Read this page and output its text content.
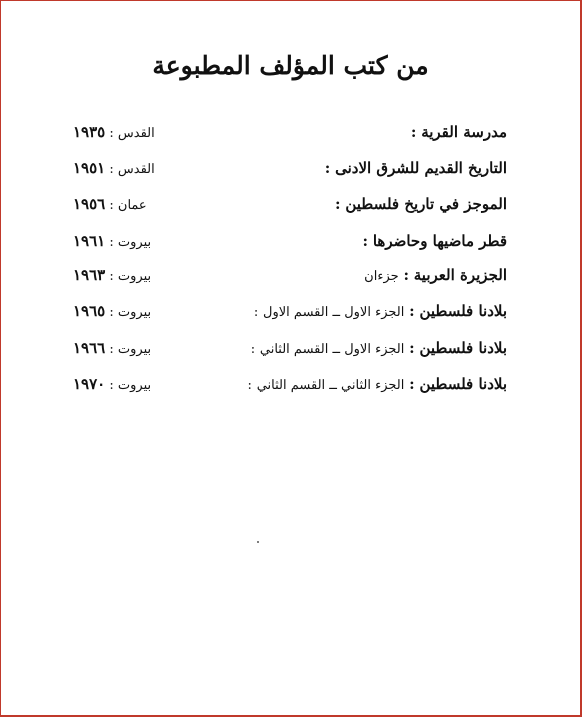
من كتب المؤلف المطبوعة
مدرسة القرية :
القدس : ١٩٣٥
التاريخ القديم للشرق الادنى :
القدس : ١٩٥١
الموجز في تاريخ فلسطين :
عمان : ١٩٥٦
قطر ماضيها وحاضرها :
بيروت : ١٩٦١
الجزيرة العربية : جزءان
بيروت : ١٩٦٣
بلادنا فلسطين : الجزء الاول ــ القسم الاول :
بيروت : ١٩٦٥
بلادنا فلسطين : الجزء الاول ــ القسم الثاني :
بيروت : ١٩٦٦
بلادنا فلسطين : الجزء الثاني ــ القسم الثاني :
بيروت : ١٩٧٠
